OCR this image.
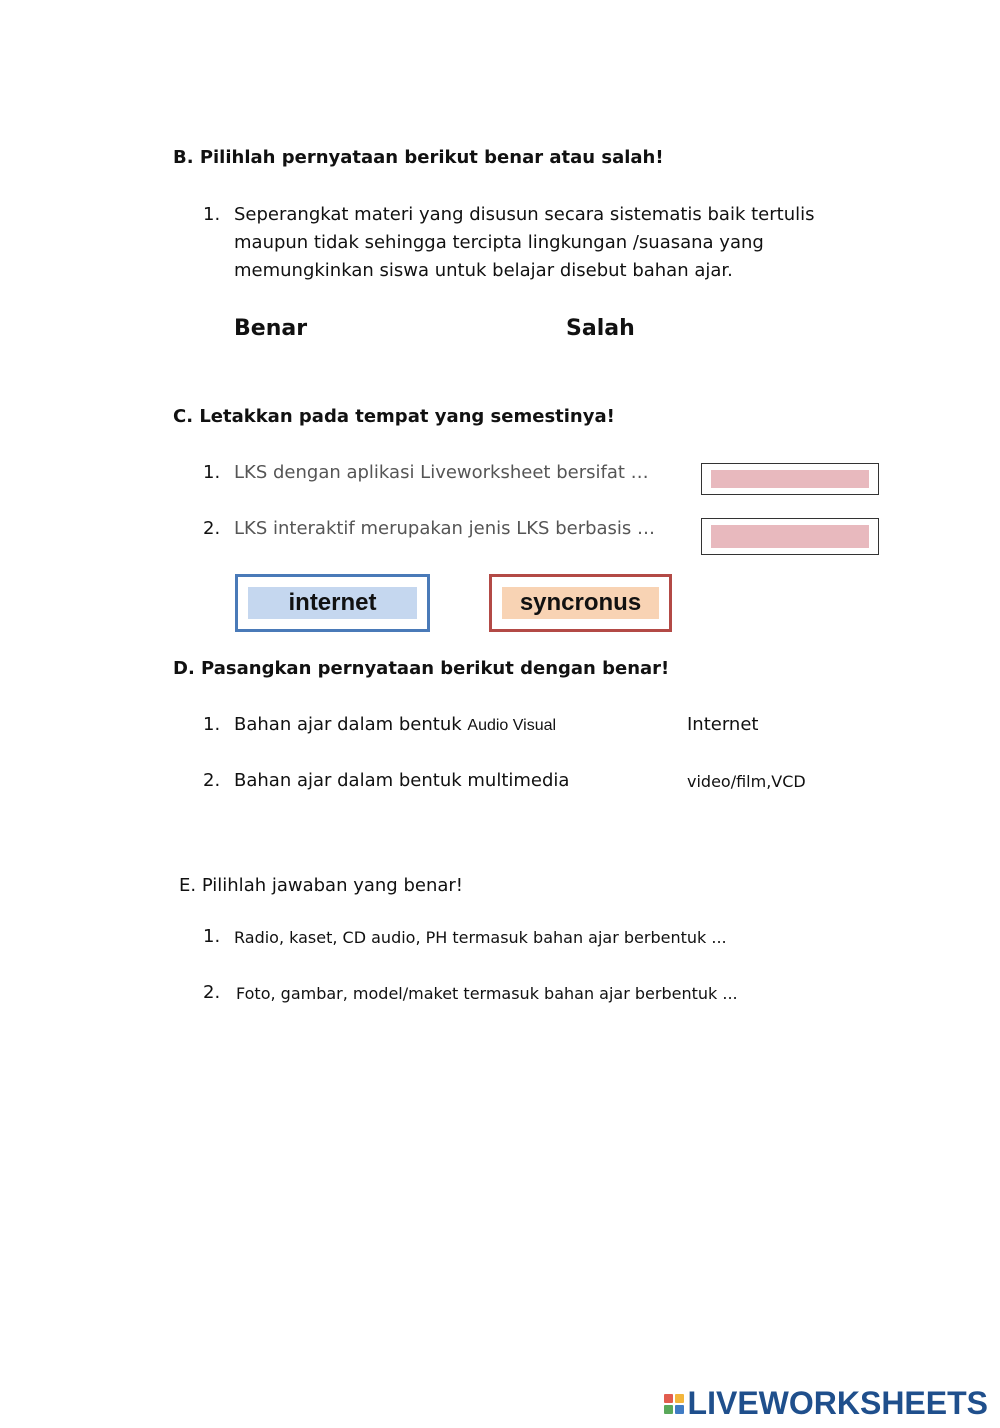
B. Pilihlah pernyataan berikut benar atau salah!
1. Seperangkat materi yang disusun secara sistematis baik tertulis
maupun tidak sehingga tercipta lingkungan /suasana yang
memungkinkan siswa untuk belajar disebut bahan ajar.
Benar	Salah
C. Letakkan pada tempat yang semestinya!
1. LKS dengan aplikasi Liveworksheet bersifat …
2. LKS interaktif merupakan jenis LKS berbasis …
internet	syncronus
D. Pasangkan pernyataan berikut dengan benar!
1. Bahan ajar dalam bentuk Audio Visual	Internet
2. Bahan ajar dalam bentuk multimedia	video/film,VCD
E. Pilihlah jawaban yang benar!
1. Radio, kaset, CD audio, PH termasuk bahan ajar berbentuk ...
2. Foto, gambar, model/maket termasuk bahan ajar berbentuk ...
LIVEWORKSHEETS
